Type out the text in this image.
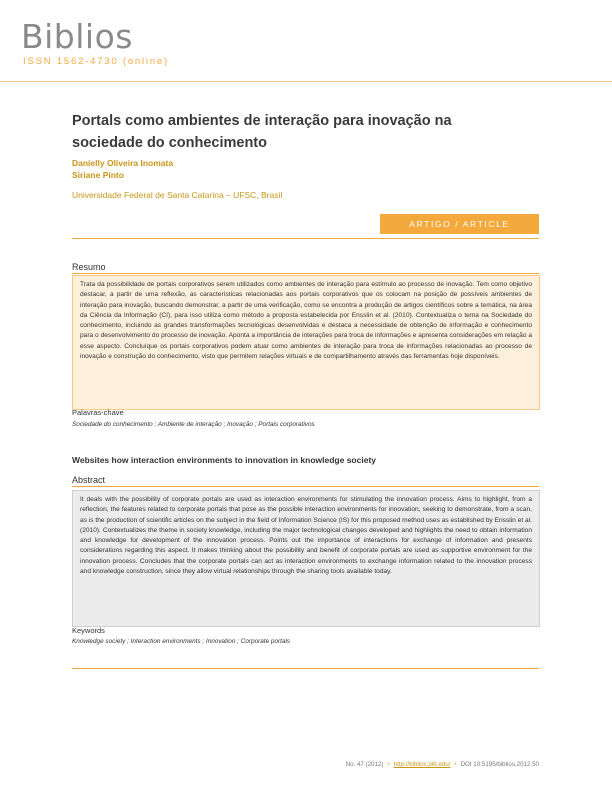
Biblios
ISSN 1562-4730 (online)
Portals como ambientes de interação para inovação na sociedade do conhecimento
Danielly Oliveira Inomata
Siriane Pinto
Universidade Federal de Santa Catarina – UFSC, Brasil
ARTIGO / ARTICLE
Resumo
Trata da possibilidade de portais corporativos serem utilizados como ambientes de interação para estímulo ao processo de inovação. Tem como objetivo destacar, a partir de uma reflexão, as características relacionadas aos portais corporativos que os colocam na posição de possíveis ambientes de interação para inovação, buscando demonstrar, a partir de uma verificação, como se encontra a produção de artigos científicos sobre a temática, na área da Ciência da Informação (CI), para isso utiliza como método a proposta estabelecida por Ensslin et al. (2010). Contextualiza o tema na Sociedade do conhecimento, incluindo as grandes transformações tecnológicas desenvolvidas e destaca a necessidade de obtenção de informação e conhecimento para o desenvolvimento do processo de inovação. Aponta a importância de interações para troca de informações e apresenta considerações em relação a esse aspecto. Concluíque os portais corporativos podem atuar como ambientes de interação para troca de informações relacionadas ao processo de inovação e construção do conhecimento, visto que permitem relações virtuais e de compartilhamento através das ferramentas hoje disponíveis.
Palavras-chave
Sociedade do conhecimento ; Ambiente de interação ; Inovação ; Portais corporativos
Websites how interaction environments to innovation in knowledge society
Abstract
It deals with the possibility of corporate portals are used as interaction environments for stimulating the innovation process. Aims to highlight, from a reflection, the features related to corporate portals that pose as the possible interaction environments for innovation, seeking to demonstrate, from a scan, as is the production of scientific articles on the subject in the field of Information Science (IS) for this proposed method uses as established by Ensslin et al. (2010). Contextualizes the theme in society knowledge, including the major technological changes developed and highlights the need to obtain information and knowledge for development of the innovation process. Points out the importance of interactions for exchange of information and presents considerations regarding this aspect. It makes thinking about the possibility and benefit of corporate portals are used as supportive environment for the innovation process. Concludes that the corporate portals can act as interaction environments to exchange information related to the innovation process and knowledge construction, since they allow virtual relationships through the sharing tools available today.
Keywords
Knowledge society ; Interaction environments ; Innovation ; Corporate portals
No. 47 (2012) • http://biblios.pitt.edu/ • DOI 10.5195/biblios.2012.50
